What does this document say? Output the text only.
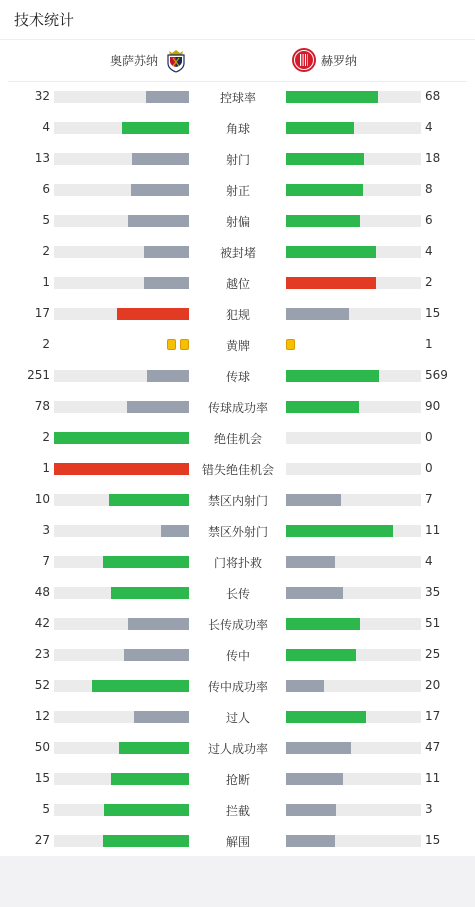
技术统计
奥萨苏纳	赫罗纳
32	控球率	68
4	角球	4
13	射门	18
6	射正	8
5	射偏	6
2	被封堵	4
1	越位	2
17	犯规	15
2	黄牌	1
251	传球	569
78	传球成功率	90
2	绝佳机会	0
1	错失绝佳机会	0
10	禁区内射门	7
3	禁区外射门	11
7	门将扑救	4
48	长传	35
42	长传成功率	51
23	传中	25
52	传中成功率	20
12	过人	17
50	过人成功率	47
15	抢断	11
5	拦截	3
27	解围	15
